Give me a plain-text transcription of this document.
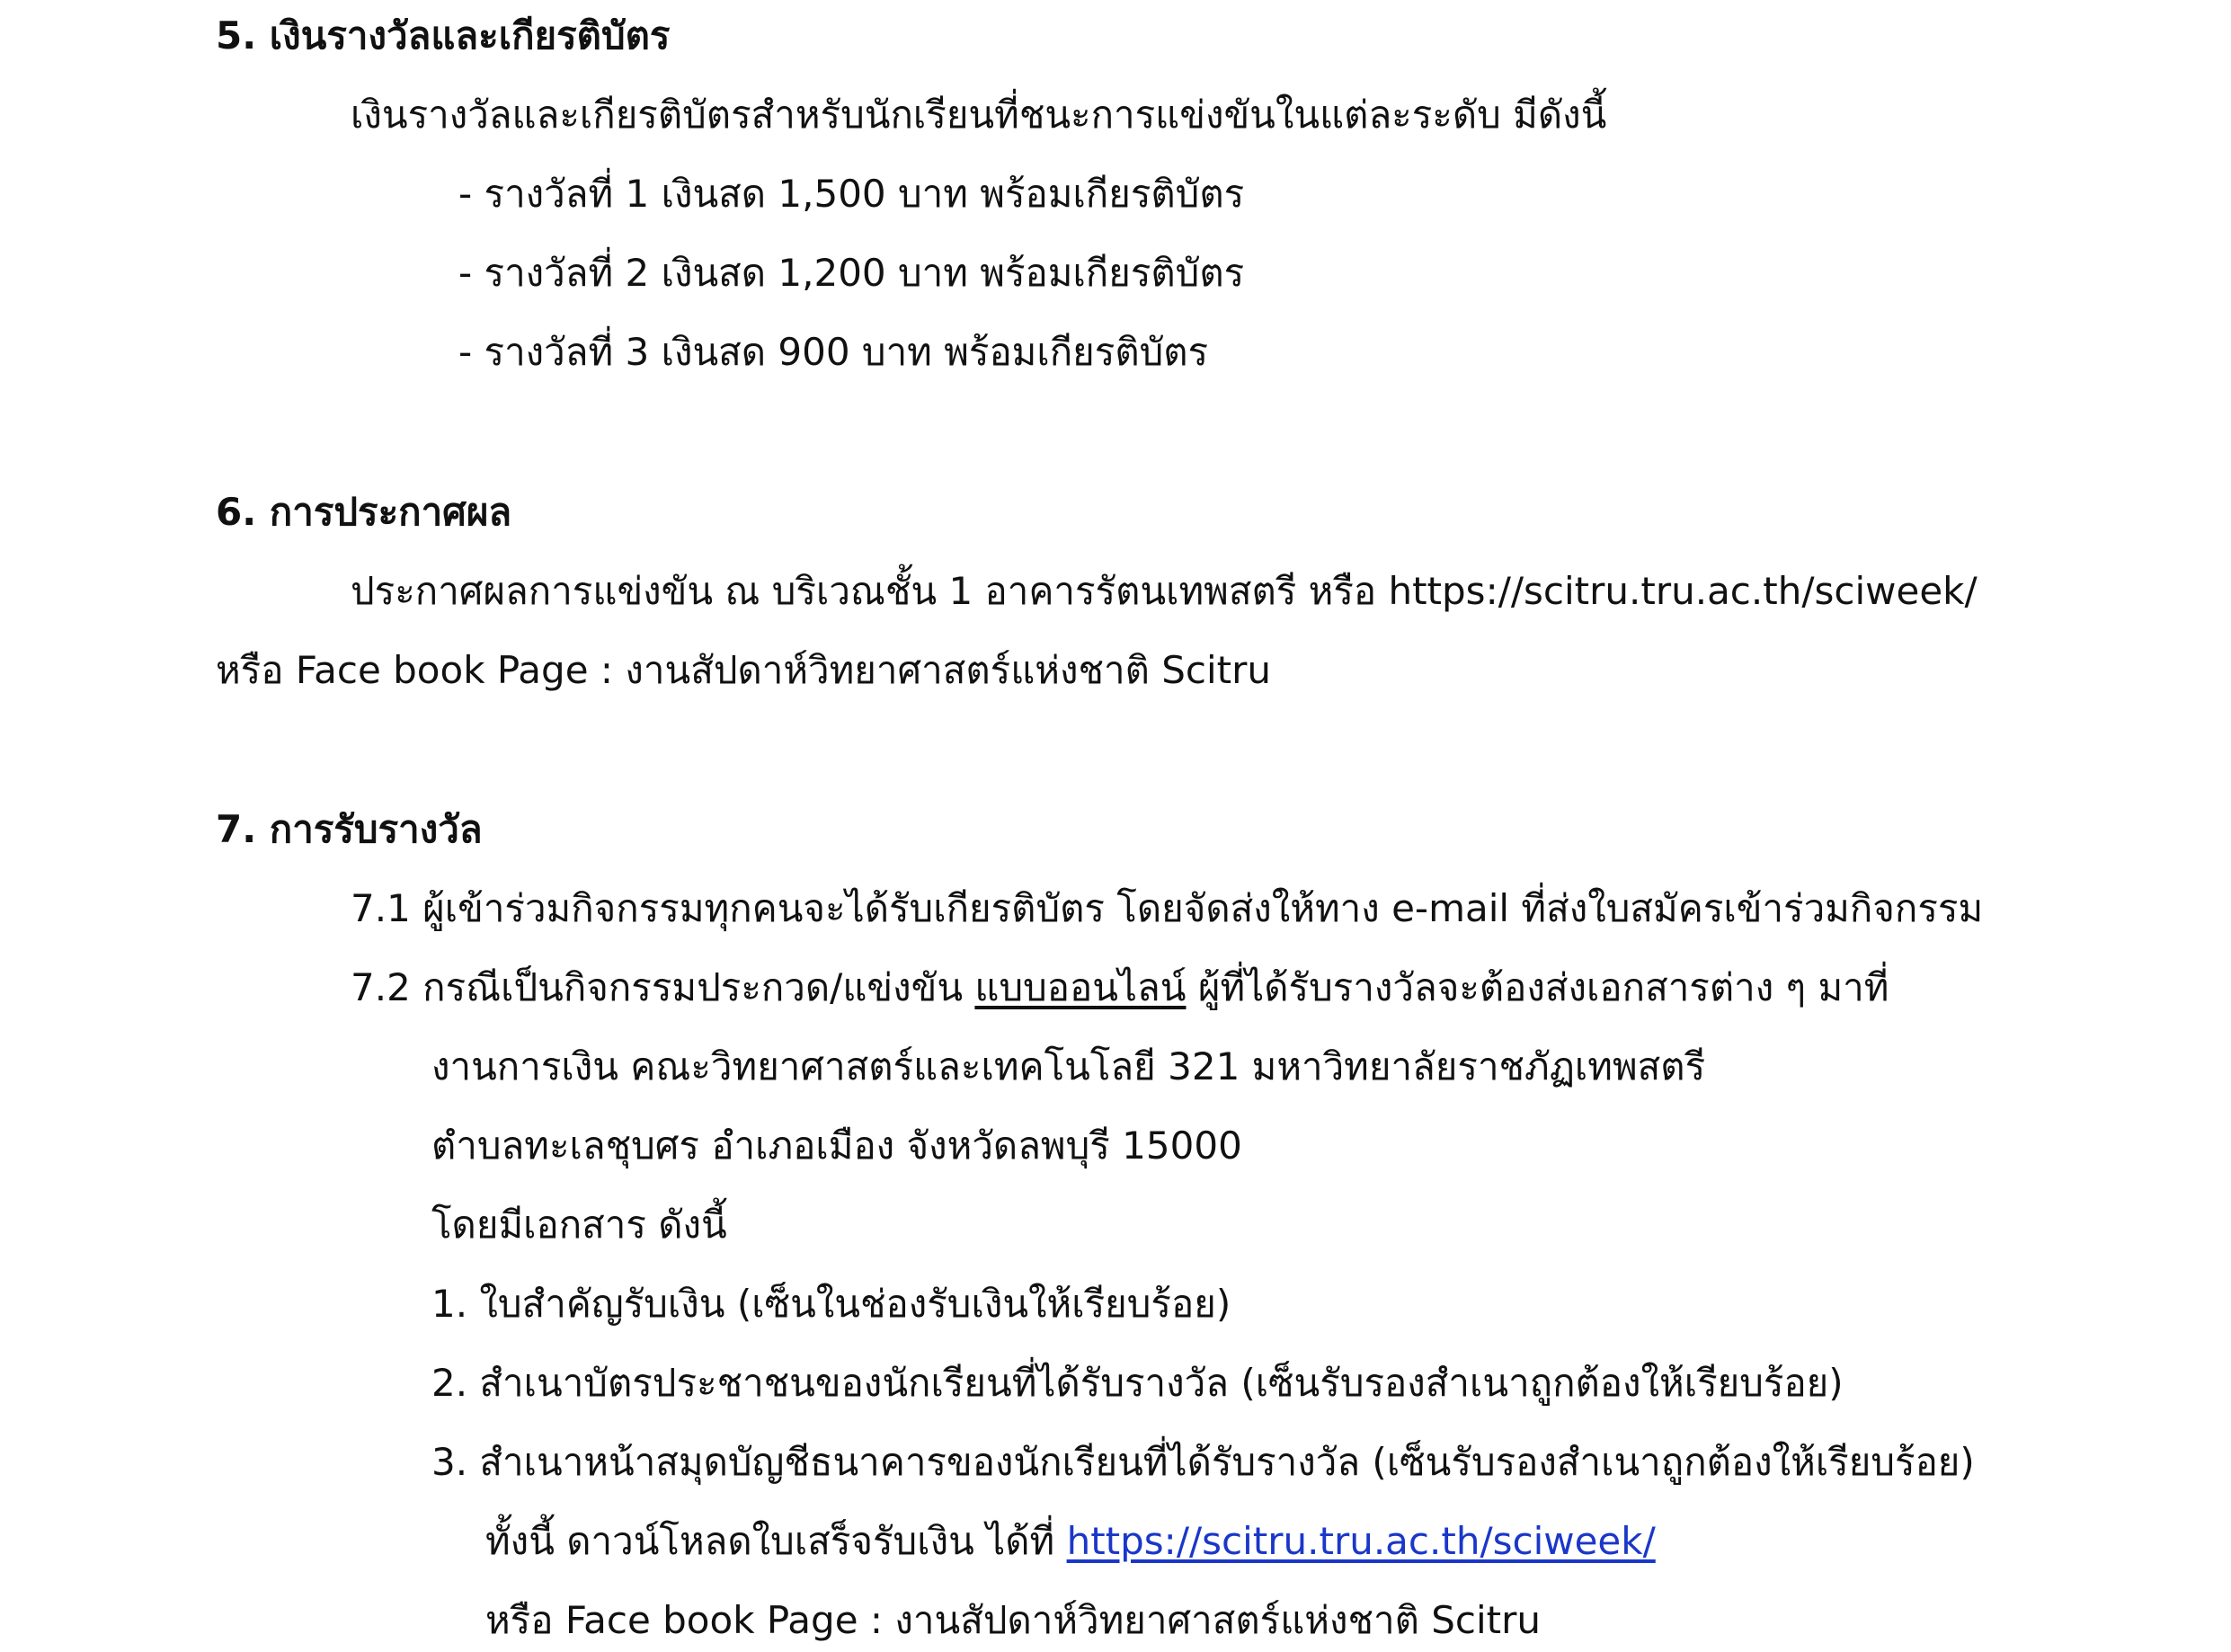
5. เงินรางวัลและเกียรติบัตร
เงินรางวัลและเกียรติบัตรสำหรับนักเรียนที่ชนะการแข่งขันในแต่ละระดับ มีดังนี้
- รางวัลที่ 1 เงินสด 1,500 บาท พร้อมเกียรติบัตร
- รางวัลที่ 2 เงินสด 1,200 บาท พร้อมเกียรติบัตร
- รางวัลที่ 3 เงินสด 900 บาท พร้อมเกียรติบัตร
6. การประกาศผล
ประกาศผลการแข่งขัน ณ บริเวณชั้น 1 อาคารรัตนเทพสตรี หรือ https://scitru.tru.ac.th/sciweek/
หรือ Face book Page : งานสัปดาห์วิทยาศาสตร์แห่งชาติ Scitru
7. การรับรางวัล
7.1 ผู้เข้าร่วมกิจกรรมทุกคนจะได้รับเกียรติบัตร โดยจัดส่งให้ทาง e-mail ที่ส่งใบสมัครเข้าร่วมกิจกรรม
7.2 กรณีเป็นกิจกรรมประกวด/แข่งขัน แบบออนไลน์ ผู้ที่ได้รับรางวัลจะต้องส่งเอกสารต่าง ๆ มาที่
งานการเงิน คณะวิทยาศาสตร์และเทคโนโลยี 321 มหาวิทยาลัยราชภัฏเทพสตรี
ตำบลทะเลชุบศร อำเภอเมือง จังหวัดลพบุรี 15000
โดยมีเอกสาร ดังนี้
1. ใบสำคัญรับเงิน (เซ็นในช่องรับเงินให้เรียบร้อย)
2. สำเนาบัตรประชาชนของนักเรียนที่ได้รับรางวัล (เซ็นรับรองสำเนาถูกต้องให้เรียบร้อย)
3. สำเนาหน้าสมุดบัญชีธนาคารของนักเรียนที่ได้รับรางวัล (เซ็นรับรองสำเนาถูกต้องให้เรียบร้อย)
ทั้งนี้ ดาวน์โหลดใบเสร็จรับเงิน ได้ที่ https://scitru.tru.ac.th/sciweek/
หรือ Face book Page : งานสัปดาห์วิทยาศาสตร์แห่งชาติ Scitru
